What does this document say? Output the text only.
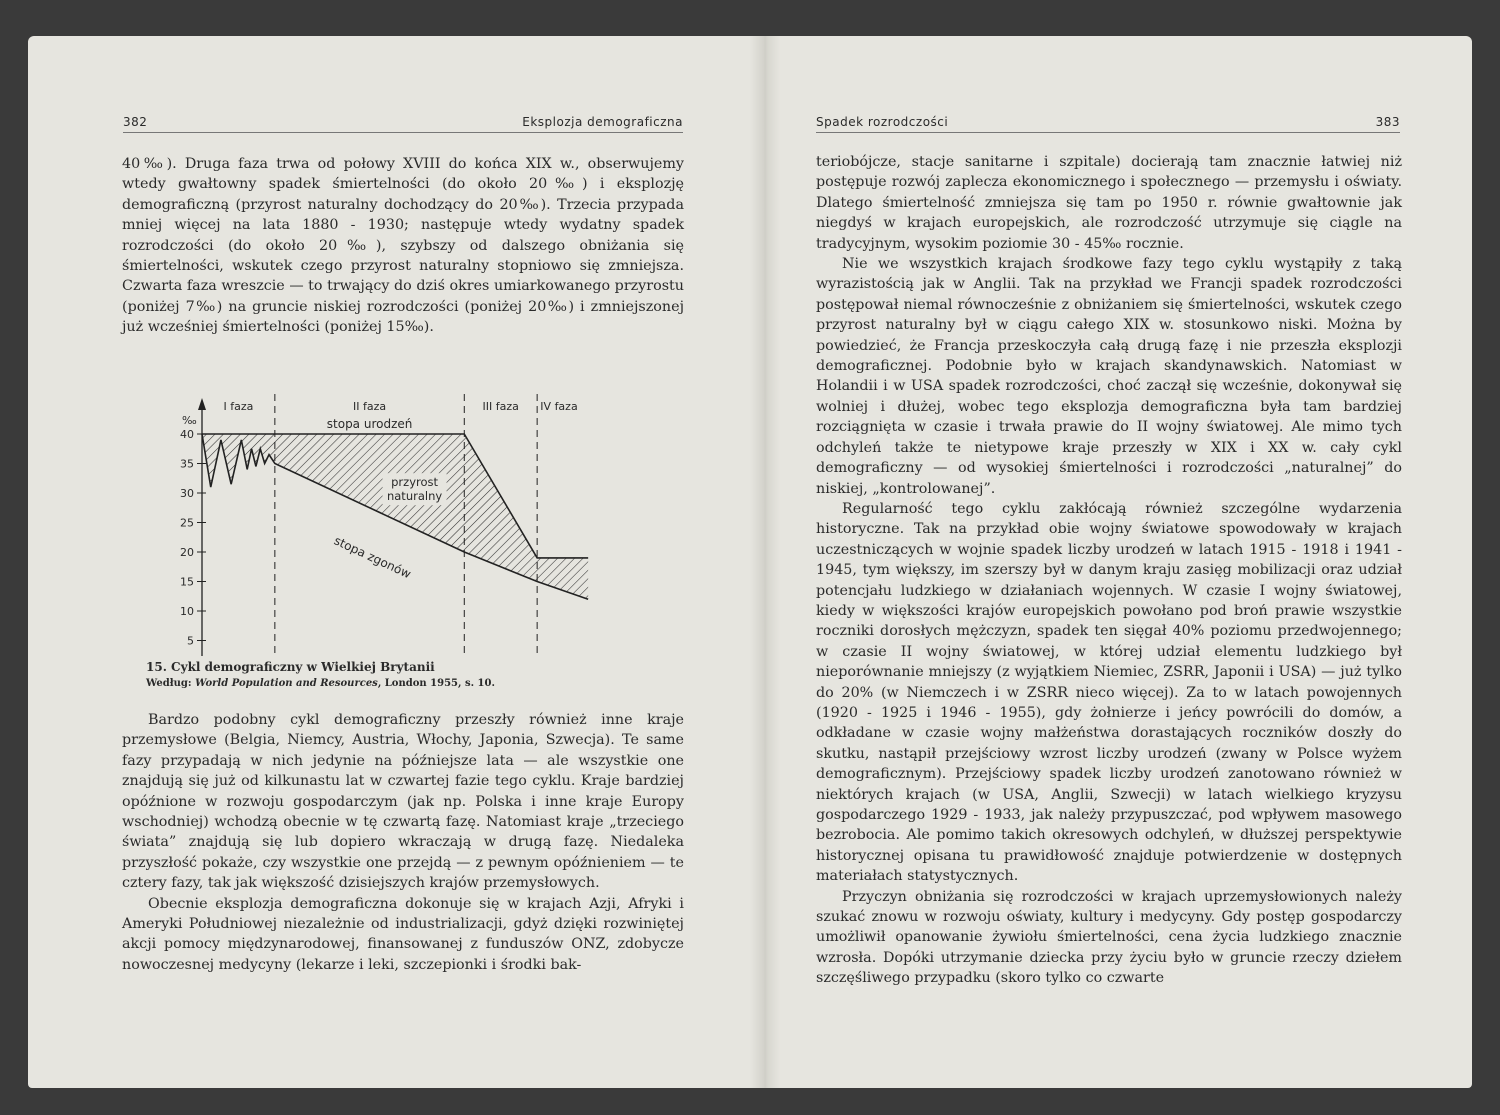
382	Eksplozja demograficzna

40‰). Druga faza trwa od połowy XVIII do końca XIX w., obserwujemy wtedy gwałtowny spadek śmiertelności (do około 20‰) i eksplozję demograficzną (przyrost naturalny dochodzący do 20‰). Trzecia przypada mniej więcej na lata 1880 - 1930; następuje wtedy wydatny spadek rozrodczości (do około 20‰), szybszy od dalszego obniżania się śmiertelności, wskutek czego przyrost naturalny stopniowo się zmniejsza. Czwarta faza wreszcie — to trwający do dziś okres umiarkowanego przyrostu (poniżej 7‰) na gruncie niskiej rozrodczości (poniżej 20‰) i zmniejszonej już wcześniej śmiertelności (poniżej 15‰).

I faza	II faza	III faza IV faza
‰
5
10
15
20
25
30
35
40
stopa urodzeń
stopa zgonów
przyrost
naturalny
15. Cykl demograficzny w Wielkiej Brytanii
Według: World Population and Resources, London 1955, s. 10.

Bardzo podobny cykl demograficzny przeszły również inne kraje przemysłowe (Belgia, Niemcy, Austria, Włochy, Japonia, Szwecja). Te same fazy przypadają w nich jedynie na późniejsze lata — ale wszystkie one znajdują się już od kilkunastu lat w czwartej fazie tego cyklu. Kraje bardziej opóźnione w rozwoju gospodarczym (jak np. Polska i inne kraje Europy wschodniej) wchodzą obecnie w tę czwartą fazę. Natomiast kraje „trzeciego świata” znajdują się lub dopiero wkraczają w drugą fazę. Niedaleka przyszłość pokaże, czy wszystkie one przejdą — z pewnym opóźnieniem — te cztery fazy, tak jak większość dzisiejszych krajów przemysłowych.

Obecnie eksplozja demograficzna dokonuje się w krajach Azji, Afryki i Ameryki Południowej niezależnie od industrializacji, gdyż dzięki rozwiniętej akcji pomocy międzynarodowej, finansowanej z funduszów ONZ, zdobycze nowoczesnej medycyny (lekarze i leki, szczepionki i środki bak-

Spadek rozrodczości	383

teriobójcze, stacje sanitarne i szpitale) docierają tam znacznie łatwiej niż postępuje rozwój zaplecza ekonomicznego i społecznego — przemysłu i oświaty. Dlatego śmiertelność zmniejsza się tam po 1950 r. równie gwałtownie jak niegdyś w krajach europejskich, ale rozrodczość utrzymuje się ciągle na tradycyjnym, wysokim poziomie 30 - 45‰ rocznie.

Nie we wszystkich krajach środkowe fazy tego cyklu wystąpiły z taką wyrazistością jak w Anglii. Tak na przykład we Francji spadek rozrodczości postępował niemal równocześnie z obniżaniem się śmiertelności, wskutek czego przyrost naturalny był w ciągu całego XIX w. stosunkowo niski. Można by powiedzieć, że Francja przeskoczyła całą drugą fazę i nie przeszła eksplozji demograficznej. Podobnie było w krajach skandynawskich. Natomiast w Holandii i w USA spadek rozrodczości, choć zaczął się wcześnie, dokonywał się wolniej i dłużej, wobec tego eksplozja demograficzna była tam bardziej rozciągnięta w czasie i trwała prawie do II wojny światowej. Ale mimo tych odchyleń także te nietypowe kraje przeszły w XIX i XX w. cały cykl demograficzny — od wysokiej śmiertelności i rozrodczości „naturalnej” do niskiej, „kontrolowanej”.

Regularność tego cyklu zakłócają również szczególne wydarzenia historyczne. Tak na przykład obie wojny światowe spowodowały w krajach uczestniczących w wojnie spadek liczby urodzeń w latach 1915 - 1918 i 1941 - 1945, tym większy, im szerszy był w danym kraju zasięg mobilizacji oraz udział potencjału ludzkiego w działaniach wojennych. W czasie I wojny światowej, kiedy w większości krajów europejskich powołano pod broń prawie wszystkie roczniki dorosłych mężczyzn, spadek ten sięgał 40% poziomu przedwojennego; w czasie II wojny światowej, w której udział elementu ludzkiego był nieporównanie mniejszy (z wyjątkiem Niemiec, ZSRR, Japonii i USA) — już tylko do 20% (w Niemczech i w ZSRR nieco więcej). Za to w latach powojennych (1920 - 1925 i 1946 - 1955), gdy żołnierze i jeńcy powrócili do domów, a odkładane w czasie wojny małżeństwa dorastających roczników doszły do skutku, nastąpił przejściowy wzrost liczby urodzeń (zwany w Polsce wyżem demograficznym). Przejściowy spadek liczby urodzeń zanotowano również w niektórych krajach (w USA, Anglii, Szwecji) w latach wielkiego kryzysu gospodarczego 1929 - 1933, jak należy przypuszczać, pod wpływem masowego bezrobocia. Ale pomimo takich okresowych odchyleń, w dłuższej perspektywie historycznej opisana tu prawidłowość znajduje potwierdzenie w dostępnych materiałach statystycznych.

Przyczyn obniżania się rozrodczości w krajach uprzemysłowionych należy szukać znowu w rozwoju oświaty, kultury i medycyny. Gdy postęp gospodarczy umożliwił opanowanie żywiołu śmiertelności, cena życia ludzkiego znacznie wzrosła. Dopóki utrzymanie dziecka przy życiu było w gruncie rzeczy dziełem szczęśliwego przypadku (skoro tylko co czwarte
